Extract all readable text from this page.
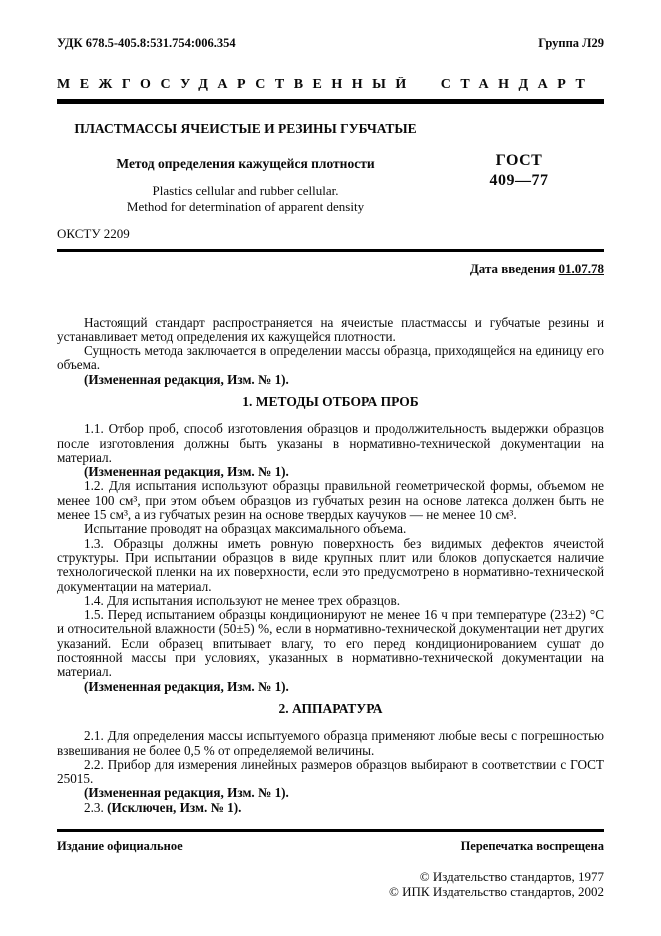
УДК 678.5-405.8:531.754:006.354	Группа Л29
МЕЖГОСУДАРСТВЕННЫЙ СТАНДАРТ
ПЛАСТМАССЫ ЯЧЕИСТЫЕ И РЕЗИНЫ ГУБЧАТЫЕ
Метод определения кажущейся плотности
Plastics cellular and rubber cellular.
Method for determination of apparent density
ГОСТ
409—77
ОКСТУ 2209
Дата введения 01.07.78

Настоящий стандарт распространяется на ячеистые пластмассы и губчатые резины и устанавливает метод определения их кажущейся плотности.

Сущность метода заключается в определении массы образца, приходящейся на единицу его объема.

(Измененная редакция, Изм. № 1).

1. МЕТОДЫ ОТБОРА ПРОБ

1.1. Отбор проб, способ изготовления образцов и продолжительность выдержки образцов после изготовления должны быть указаны в нормативно-технической документации на материал.

(Измененная редакция, Изм. № 1).

1.2. Для испытания используют образцы правильной геометрической формы, объемом не менее 100 см³, при этом объем образцов из губчатых резин на основе латекса должен быть не менее 15 см³, а из губчатых резин на основе твердых каучуков — не менее 10 см³.

Испытание проводят на образцах максимального объема.

1.3. Образцы должны иметь ровную поверхность без видимых дефектов ячеистой структуры. При испытании образцов в виде крупных плит или блоков допускается наличие технологической пленки на их поверхности, если это предусмотрено в нормативно-технической документации на материал.

1.4. Для испытания используют не менее трех образцов.

1.5. Перед испытанием образцы кондиционируют не менее 16 ч при температуре (23±2) °С и относительной влажности (50±5) %, если в нормативно-технической документации нет других указаний. Если образец впитывает влагу, то его перед кондиционированием сушат до постоянной массы при условиях, указанных в нормативно-технической документации на материал.

(Измененная редакция, Изм. № 1).

2. АППАРАТУРА

2.1. Для определения массы испытуемого образца применяют любые весы с погрешностью взвешивания не более 0,5 % от определяемой величины.

2.2. Прибор для измерения линейных размеров образцов выбирают в соответствии с ГОСТ 25015.

(Измененная редакция, Изм. № 1).

2.3. (Исключен, Изм. № 1).

Издание официальное	Перепечатка воспрещена
© Издательство стандартов, 1977
© ИПК Издательство стандартов, 2002
